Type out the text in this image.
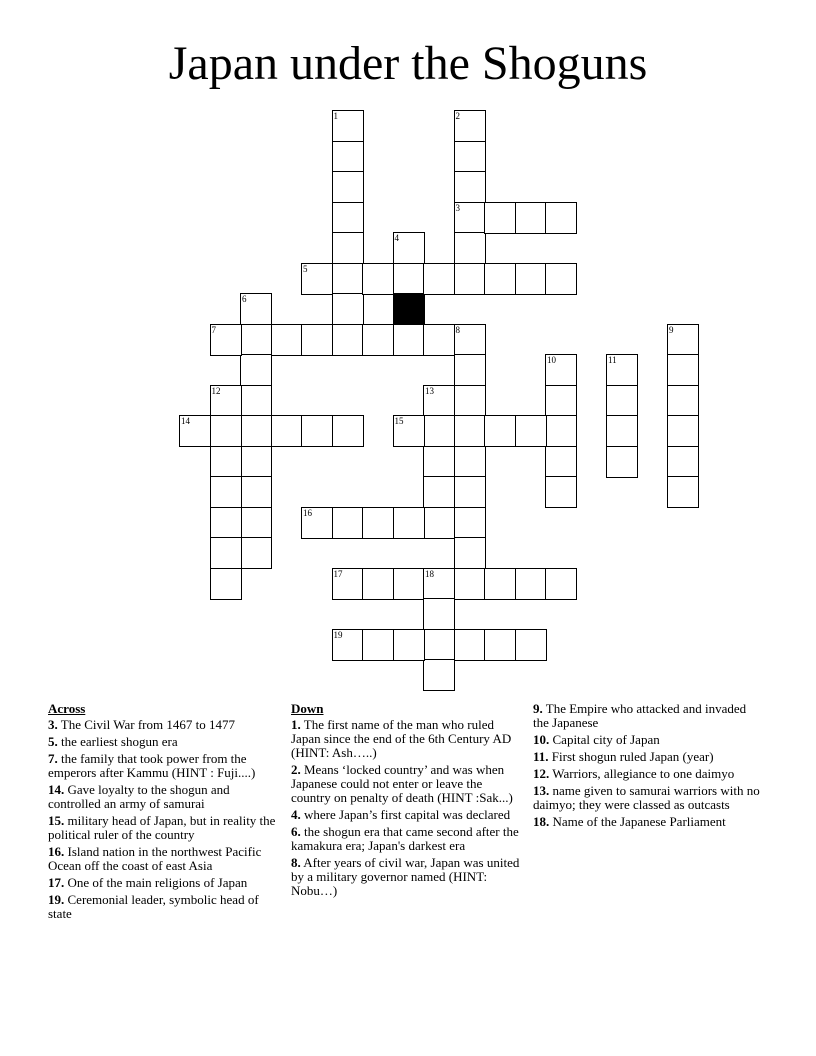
Japan under the Shoguns
1	2
3
4
5
6
7	8	9
10	11
12	13
14	15
16
17	18
19
Across
3. The Civil War from 1467 to 1477
5. the earliest shogun era
7. the family that took power from the emperors after Kammu (HINT : Fuji....)
14. Gave loyalty to the shogun and controlled an army of samurai
15. military head of Japan, but in reality the political ruler of the country
16. Island nation in the northwest Pacific Ocean off the coast of east Asia
17. One of the main religions of Japan
19. Ceremonial leader, symbolic head of state
Down
1. The first name of the man who ruled Japan since the end of the 6th Century AD (HINT: Ash…..)
2. Means ‘locked country’ and was when Japanese could not enter or leave the country on penalty of death (HINT :Sak...)
4. where Japan’s first capital was declared
6. the shogun era that came second after the kamakura era; Japan's darkest era
8. After years of civil war, Japan was united by a military governor named (HINT: Nobu…)
9. The Empire who attacked and invaded the Japanese
10. Capital city of Japan
11. First shogun ruled Japan (year)
12. Warriors, allegiance to one daimyo
13. name given to samurai warriors with no daimyo; they were classed as outcasts
18. Name of the Japanese Parliament
